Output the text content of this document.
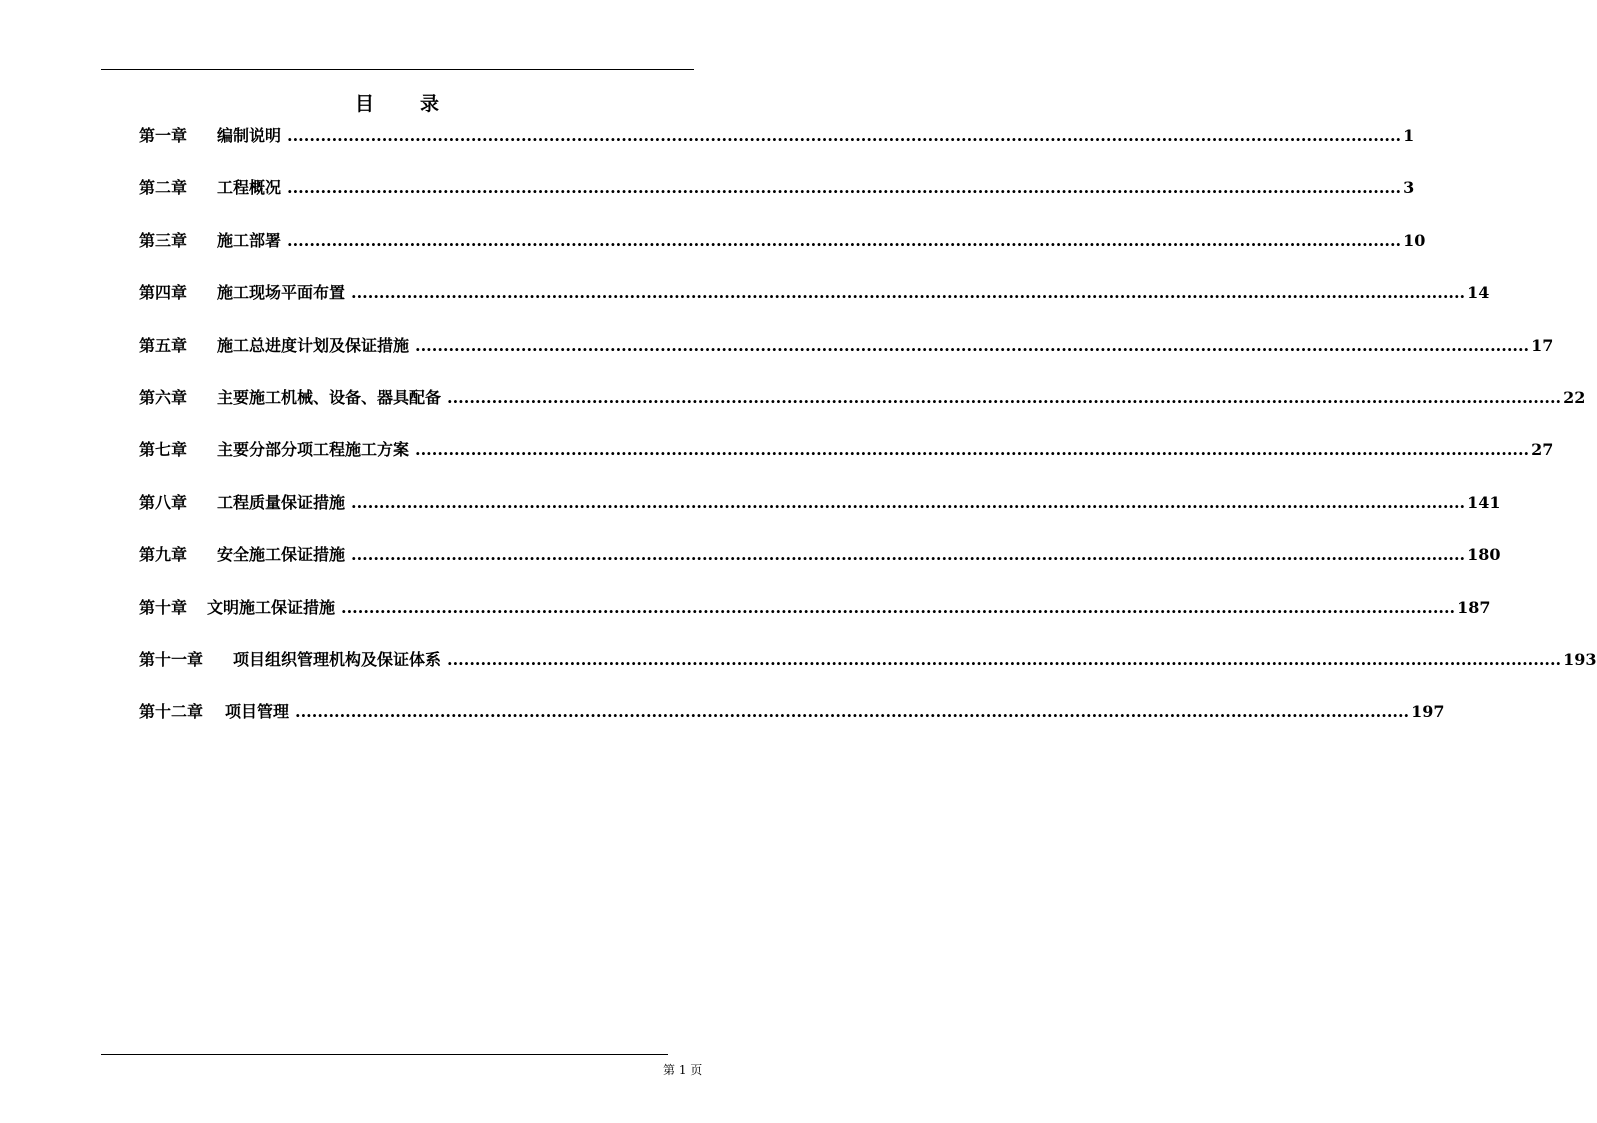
目 录
第一章 编制说明 ........................................................................................................................................................................................................ 1
第二章 工程概况 ........................................................................................................................................................................................................ 3
第三章 施工部署 ........................................................................................................................................................................................................ 10
第四章 施工现场平面布置 ........................................................................................................................................................................................................ 14
第五章 施工总进度计划及保证措施 ........................................................................................................................................................................................................ 17
第六章 主要施工机械、设备、器具配备 ........................................................................................................................................................................................................ 22
第七章 主要分部分项工程施工方案 ........................................................................................................................................................................................................ 27
第八章 工程质量保证措施 ........................................................................................................................................................................................................ 141
第九章 安全施工保证措施 ........................................................................................................................................................................................................ 180
第十章 文明施工保证措施 ........................................................................................................................................................................................................ 187
第十一章 项目组织管理机构及保证体系 ........................................................................................................................................................................................................ 193
第十二章 项目管理 ........................................................................................................................................................................................................ 197
第 1 页
